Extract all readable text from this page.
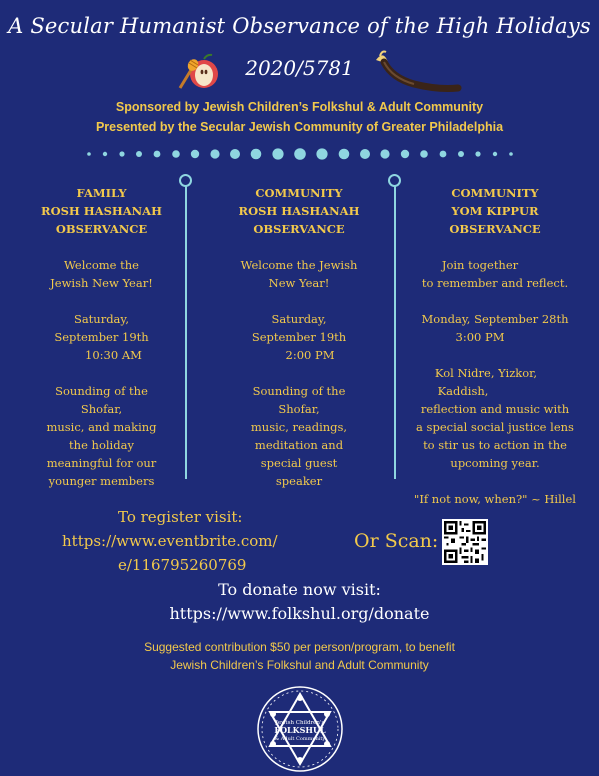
A Secular Humanist Observance of the High Holidays
2020/5781
Sponsored by Jewish Children’s Folkshul & Adult Community
Presented by the Secular Jewish Community of Greater Philadelphia
FAMILY
ROSH HASHANAH
OBSERVANCE
Welcome the
Jewish New Year!
Saturday,
September 19th
10:30 AM
Sounding of the
Shofar,
music, and making
the holiday
meaningful for our
younger members
COMMUNITY
ROSH HASHANAH
OBSERVANCE
Welcome the Jewish
New Year!
Saturday,
September 19th
2:00 PM
Sounding of the
Shofar,
music, readings,
meditation and
special guest
speaker
COMMUNITY
YOM KIPPUR
OBSERVANCE
Join together
to remember and reflect.
Monday, September 28th
3:00 PM
Kol Nidre, Yizkor,
Kaddish,
reflection and music with
a special social justice lens
to stir us to action in the
upcoming year.
"If not now, when?" ~ Hillel
To register visit:
https://www.eventbrite.com/
e/116795260769
Or Scan:
To donate now visit:
https://www.folkshul.org/donate
Suggested contribution $50 per person/program, to benefit
Jewish Children’s Folkshul and Adult Community
Jewish Children's
FOLKSHUL
& Adult Community
